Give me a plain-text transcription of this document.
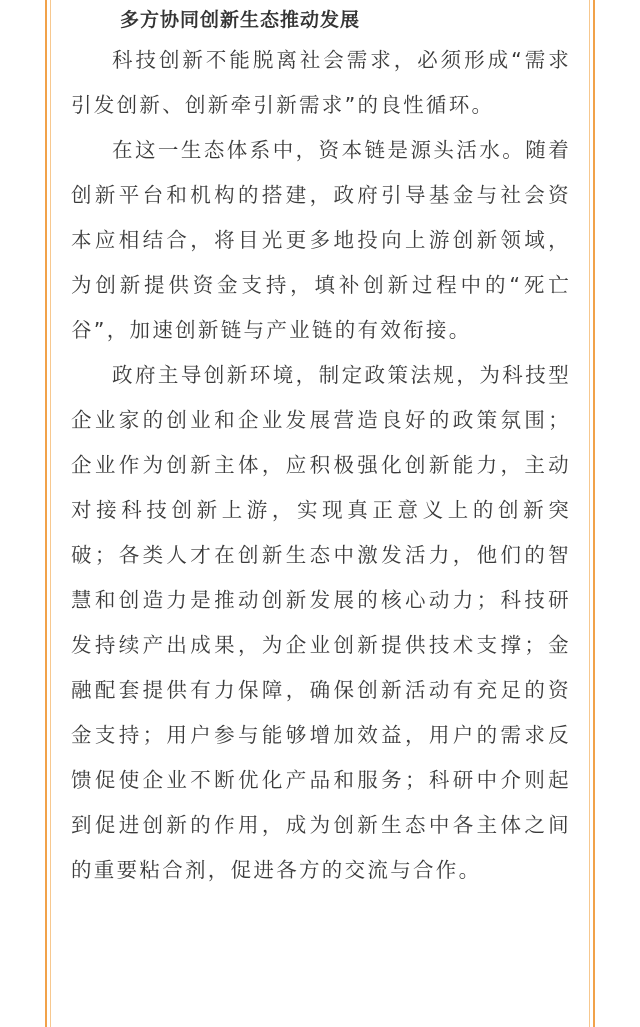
多方协同创新生态推动发展

科技创新不能脱离社会需求，必须形成“需求引发创新、创新牵引新需求”的良性循环。

在这一生态体系中，资本链是源头活水。随着创新平台和机构的搭建，政府引导基金与社会资本应相结合，将目光更多地投向上游创新领域，为创新提供资金支持，填补创新过程中的“死亡谷”，加速创新链与产业链的有效衔接。

政府主导创新环境，制定政策法规，为科技型企业家的创业和企业发展营造良好的政策氛围；企业作为创新主体，应积极强化创新能力，主动对接科技创新上游，实现真正意义上的创新突破；各类人才在创新生态中激发活力，他们的智慧和创造力是推动创新发展的核心动力；科技研发持续产出成果，为企业创新提供技术支撑；金融配套提供有力保障，确保创新活动有充足的资金支持；用户参与能够增加效益，用户的需求反馈促使企业不断优化产品和服务；科研中介则起到促进创新的作用，成为创新生态中各主体之间的重要粘合剂，促进各方的交流与合作。
